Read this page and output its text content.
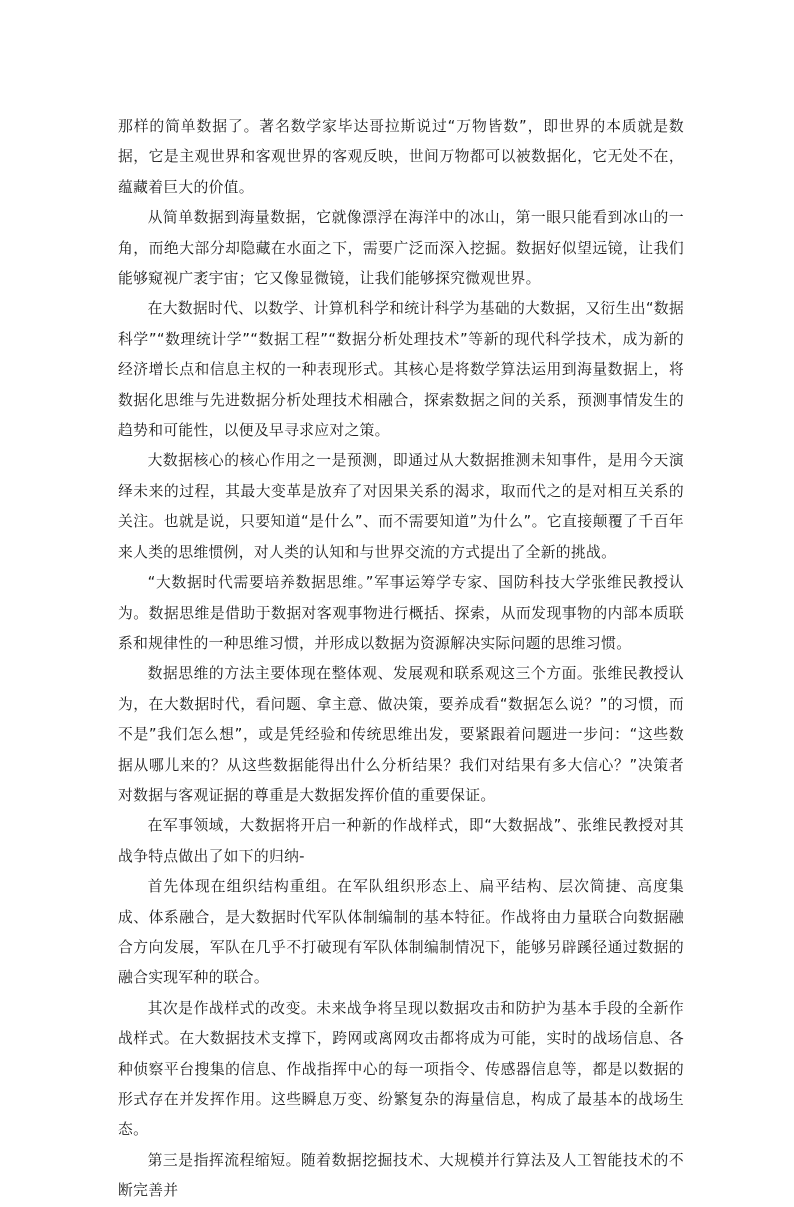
那样的简单数据了。著名数学家毕达哥拉斯说过“万物皆数”，即世界的本质就是数据，它是主观世界和客观世界的客观反映，世间万物都可以被数据化，它无处不在，蕴藏着巨大的价值。

从简单数据到海量数据，它就像漂浮在海洋中的冰山，第一眼只能看到冰山的一角，而绝大部分却隐藏在水面之下，需要广泛而深入挖掘。数据好似望远镜，让我们能够窥视广袤宇宙；它又像显微镜，让我们能够探究微观世界。

在大数据时代、以数学、计算机科学和统计科学为基础的大数据，又衍生出“数据科学”“数理统计学”“数据工程”“数据分析处理技术”等新的现代科学技术，成为新的经济增长点和信息主权的一种表现形式。其核心是将数学算法运用到海量数据上，将数据化思维与先进数据分析处理技术相融合，探索数据之间的关系，预测事情发生的趋势和可能性，以便及早寻求应对之策。

大数据核心的核心作用之一是预测，即通过从大数据推测未知事件，是用今天演绎未来的过程，其最大变革是放弃了对因果关系的渴求，取而代之的是对相互关系的关注。也就是说，只要知道“是什么”、而不需要知道”为什么”。它直接颠覆了千百年来人类的思维惯例，对人类的认知和与世界交流的方式提出了全新的挑战。

“大数据时代需要培养数据思维。”军事运筹学专家、国防科技大学张维民教授认为。数据思维是借助于数据对客观事物进行概括、探索，从而发现事物的内部本质联系和规律性的一种思维习惯，并形成以数据为资源解决实际问题的思维习惯。

数据思维的方法主要体现在整体观、发展观和联系观这三个方面。张维民教授认为，在大数据时代，看问题、拿主意、做决策，要养成看“数据怎么说？”的习惯，而不是”我们怎么想”，或是凭经验和传统思维出发，要紧跟着问题进一步问：“这些数据从哪儿来的？从这些数据能得出什么分析结果？我们对结果有多大信心？”决策者对数据与客观证据的尊重是大数据发挥价值的重要保证。

在军事领域，大数据将开启一种新的作战样式，即“大数据战”、张维民教授对其战争特点做出了如下的归纳-

首先体现在组织结构重组。在军队组织形态上、扁平结构、层次简捷、高度集成、体系融合，是大数据时代军队体制编制的基本特征。作战将由力量联合向数据融合方向发展，军队在几乎不打破现有军队体制编制情况下，能够另辟蹊径通过数据的融合实现军种的联合。

其次是作战样式的改变。未来战争将呈现以数据攻击和防护为基本手段的全新作战样式。在大数据技术支撑下，跨网或离网攻击都将成为可能，实时的战场信息、各种侦察平台搜集的信息、作战指挥中心的每一项指令、传感器信息等，都是以数据的形式存在并发挥作用。这些瞬息万变、纷繁复杂的海量信息，构成了最基本的战场生态。

第三是指挥流程缩短。随着数据挖掘技术、大规模并行算法及人工智能技术的不断完善并
